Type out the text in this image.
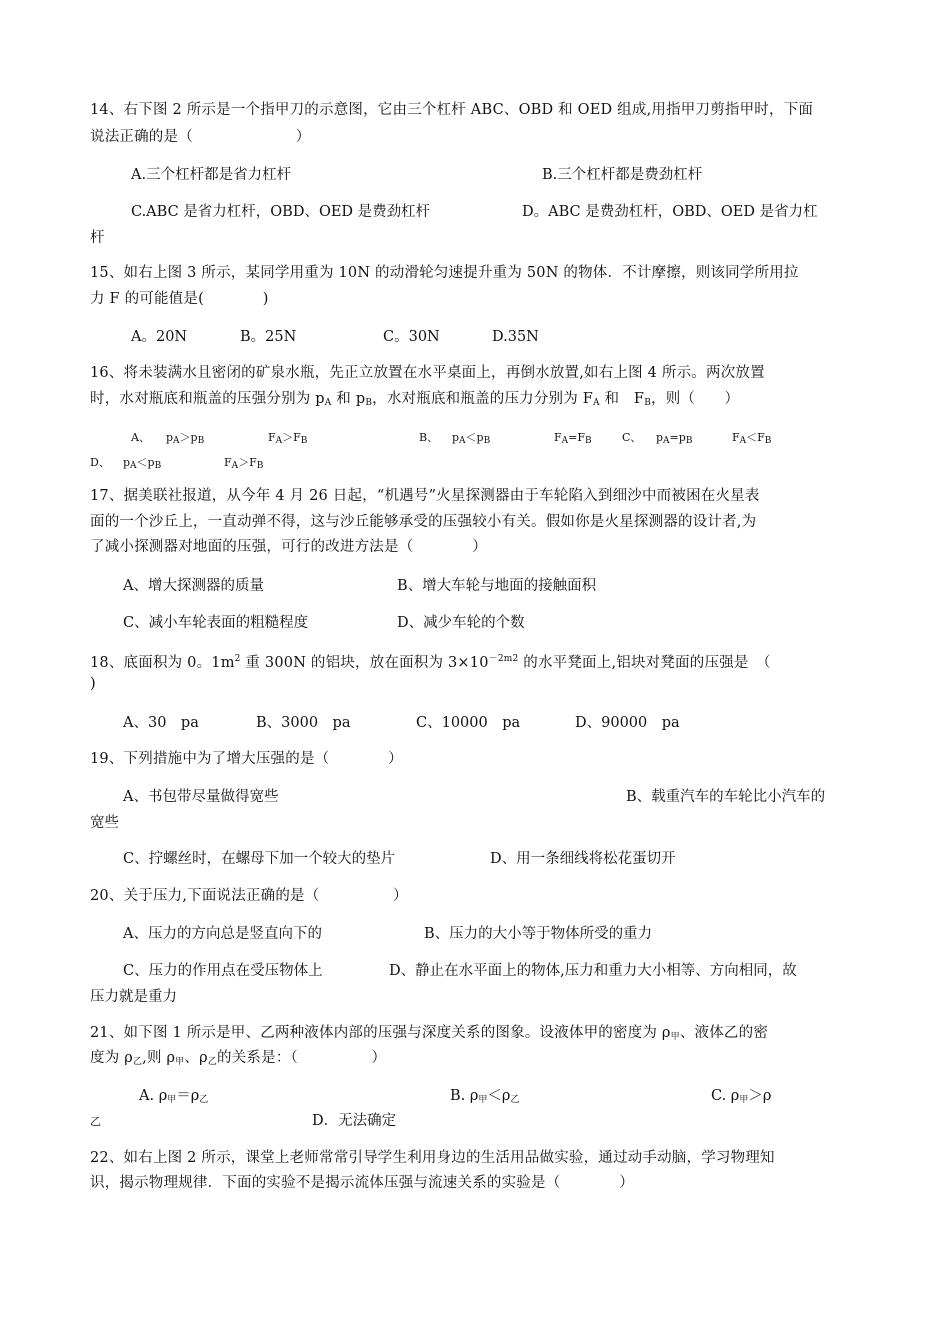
14、右下图 2 所示是一个指甲刀的示意图，它由三个杠杆 ABC、OBD 和 OED 组成,用指甲刀剪指甲时，下面
说法正确的是（　　　　　　　）
A.三个杠杆都是省力杠杆	B.三个杠杆都是费劲杠杆
C.ABC 是省力杠杆，OBD、OED 是费劲杠杆	D。ABC 是费劲杠杆，OBD、OED 是省力杠
杆
15、如右上图 3 所示，某同学用重为 10N 的动滑轮匀速提升重为 50N 的物体．不计摩擦，则该同学所用拉
力 F 的可能值是(　　　　)
A。20N	B。25N	C。30N	D.35N
16、将未装满水且密闭的矿泉水瓶，先正立放置在水平桌面上，再倒水放置,如右上图 4 所示。两次放置
时，水对瓶底和瓶盖的压强分别为 pA 和 pB，水对瓶底和瓶盖的压力分别为 FA 和　FB，则（　　）
A、 pA＞pB	FA＞FB	B、 pA＜pB	FA=FB	C、 pA=pB	FA＜FB
D、 pA＜pB	FA＞FB
17、据美联社报道，从今年 4 月 26 日起，“机遇号”火星探测器由于车轮陷入到细沙中而被困在火星表
面的一个沙丘上，一直动弹不得，这与沙丘能够承受的压强较小有关。假如你是火星探测器的设计者,为
了减小探测器对地面的压强，可行的改进方法是（　　　　）
A、增大探测器的质量	B、增大车轮与地面的接触面积
C、减小车轮表面的粗糙程度	D、减少车轮的个数
18、底面积为 0。$1m^2$ 重 300N 的铝块，放在面积为 $3\times 10^{-2m2}$ 的水平凳面上,铝块对凳面的压强是　（
)
A、30　pa	B、3000　pa	C、10000　pa	D、90000　pa
19、下列措施中为了增大压强的是（　　　　）
A、书包带尽量做得宽些	B、载重汽车的车轮比小汽车的
宽些
C、拧螺丝时，在螺母下加一个较大的垫片	D、用一条细线将松花蛋切开
20、关于压力,下面说法正确的是（　　　　　）
A、压力的方向总是竖直向下的	B、压力的大小等于物体所受的重力
C、压力的作用点在受压物体上	D、静止在水平面上的物体,压力和重力大小相等、方向相同，故
压力就是重力
21、如下图 1 所示是甲、乙两种液体内部的压强与深度关系的图象。设液体甲的密度为 ρ甲、液体乙的密
度为 ρ乙,则 ρ甲、ρ乙的关系是：（　　　　　）
A. ρ甲＝ρ乙	B. ρ甲＜ρ乙	C. ρ甲＞ρ
乙	D．无法确定
22、如右上图 2 所示，课堂上老师常常引导学生利用身边的生活用品做实验，通过动手动脑，学习物理知
识，揭示物理规律．下面的实验不是揭示流体压强与流速关系的实验是（　　　　）
